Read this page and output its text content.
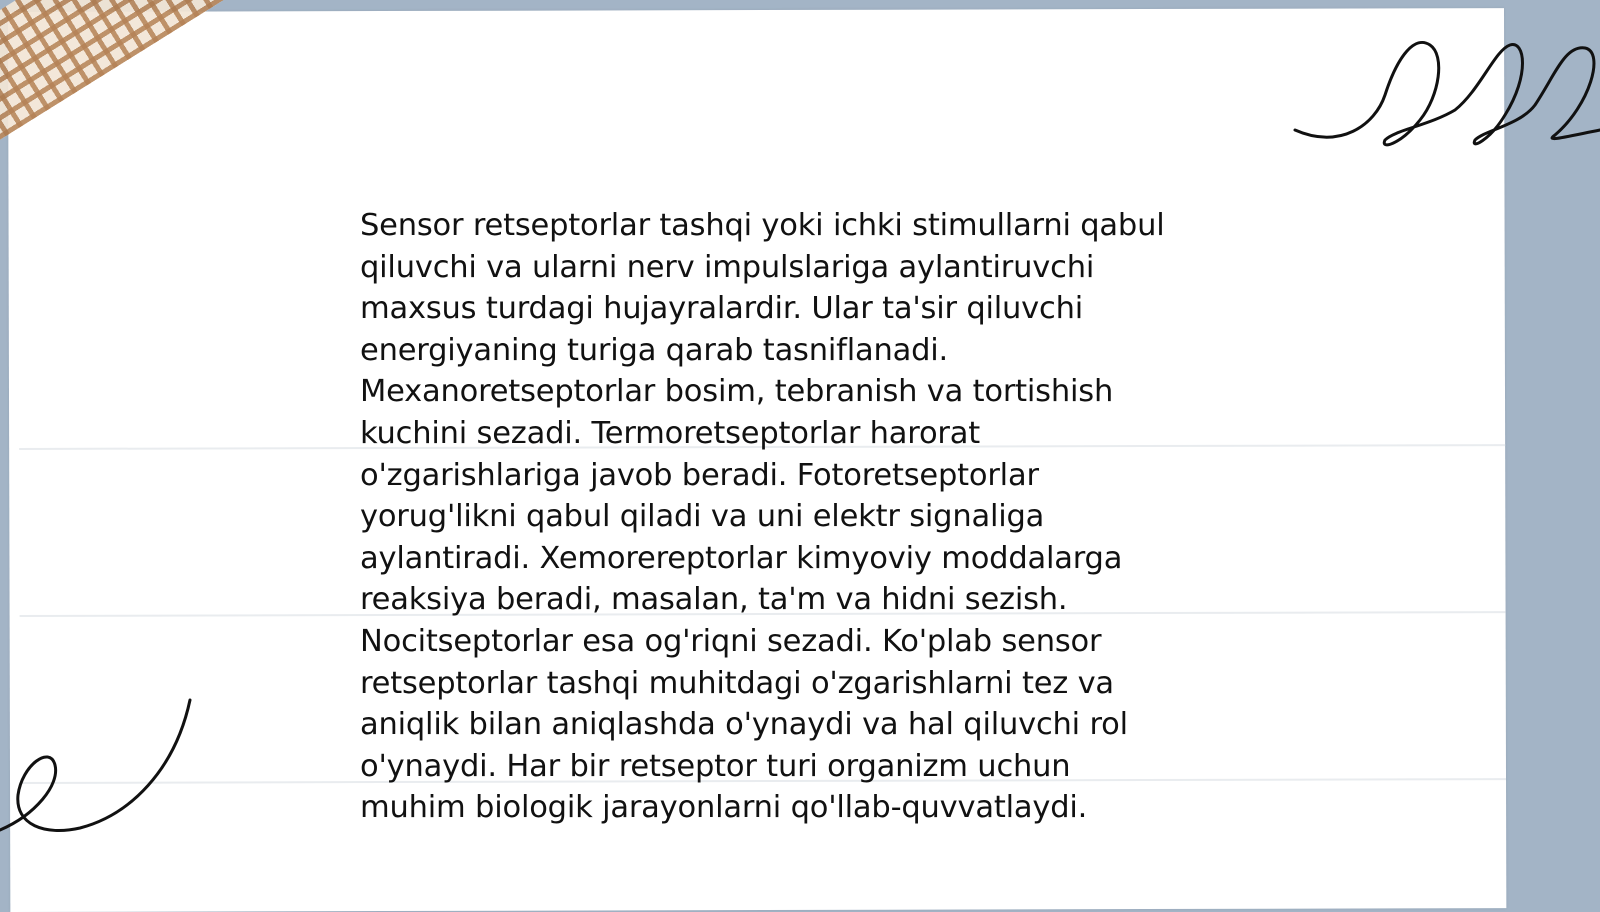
Sensor retseptorlar tashqi yoki ichki stimullarni qabul
qiluvchi va ularni nerv impulslariga aylantiruvchi
maxsus turdagi hujayralardir. Ular ta'sir qiluvchi
energiyaning turiga qarab tasniflanadi.
Mexanoretseptorlar bosim, tebranish va tortishish
kuchini sezadi. Termoretseptorlar harorat
o'zgarishlariga javob beradi. Fotoretseptorlar
yorug'likni qabul qiladi va uni elektr signaliga
aylantiradi. Xemorereptorlar kimyoviy moddalarga
reaksiya beradi, masalan, ta'm va hidni sezish.
Nocitseptorlar esa og'riqni sezadi. Ko'plab sensor
retseptorlar tashqi muhitdagi o'zgarishlarni tez va
aniqlik bilan aniqlashda o'ynaydi va hal qiluvchi rol
o'ynaydi. Har bir retseptor turi organizm uchun
muhim biologik jarayonlarni qo'llab-quvvatlaydi.
